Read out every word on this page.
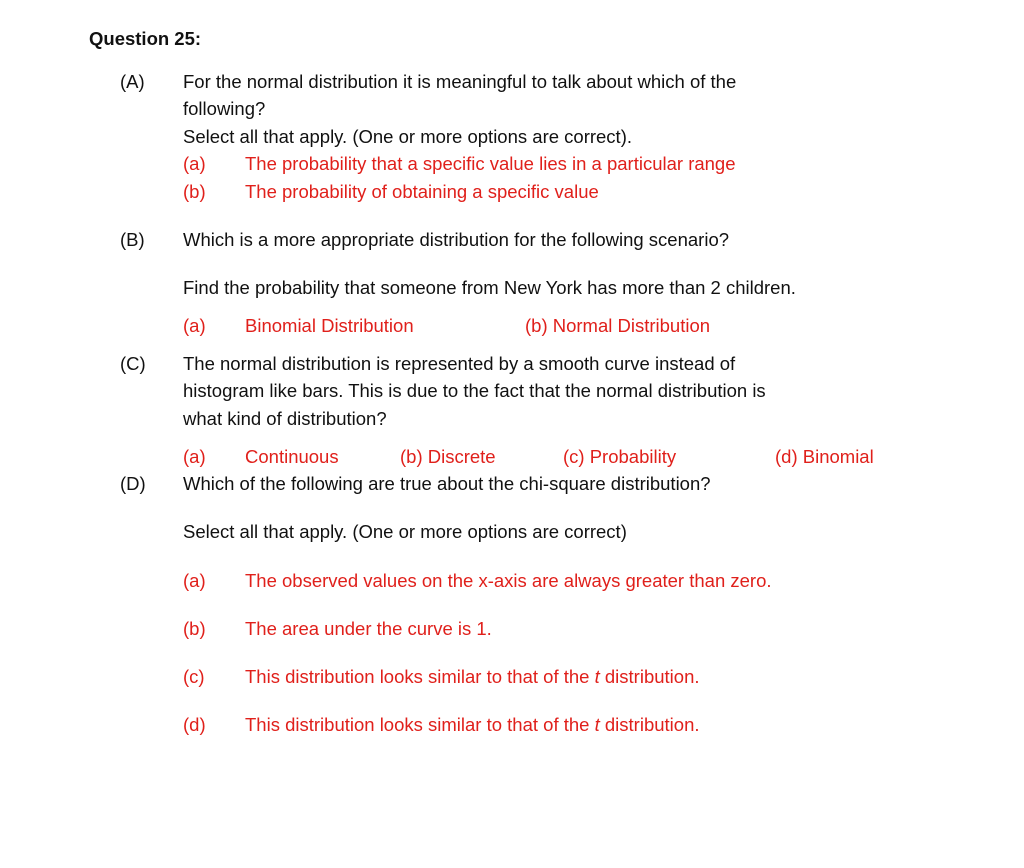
Question 25:
(A) For the normal distribution it is meaningful to talk about which of the
following?
Select all that apply. (One or more options are correct).
(a) The probability that a specific value lies in a particular range
(b) The probability of obtaining a specific value
(B) Which is a more appropriate distribution for the following scenario?
Find the probability that someone from New York has more than 2 children.
(a) Binomial Distribution	(b) Normal Distribution
(C) The normal distribution is represented by a smooth curve instead of
histogram like bars. This is due to the fact that the normal distribution is
what kind of distribution?
(a) Continuous	(b) Discrete	(c) Probability	(d) Binomial
(D) Which of the following are true about the chi-square distribution?
Select all that apply. (One or more options are correct)
(a) The observed values on the x-axis are always greater than zero.
(b) The area under the curve is 1.
(c) This distribution looks similar to that of the t distribution.
(d) This distribution looks similar to that of the t distribution.
